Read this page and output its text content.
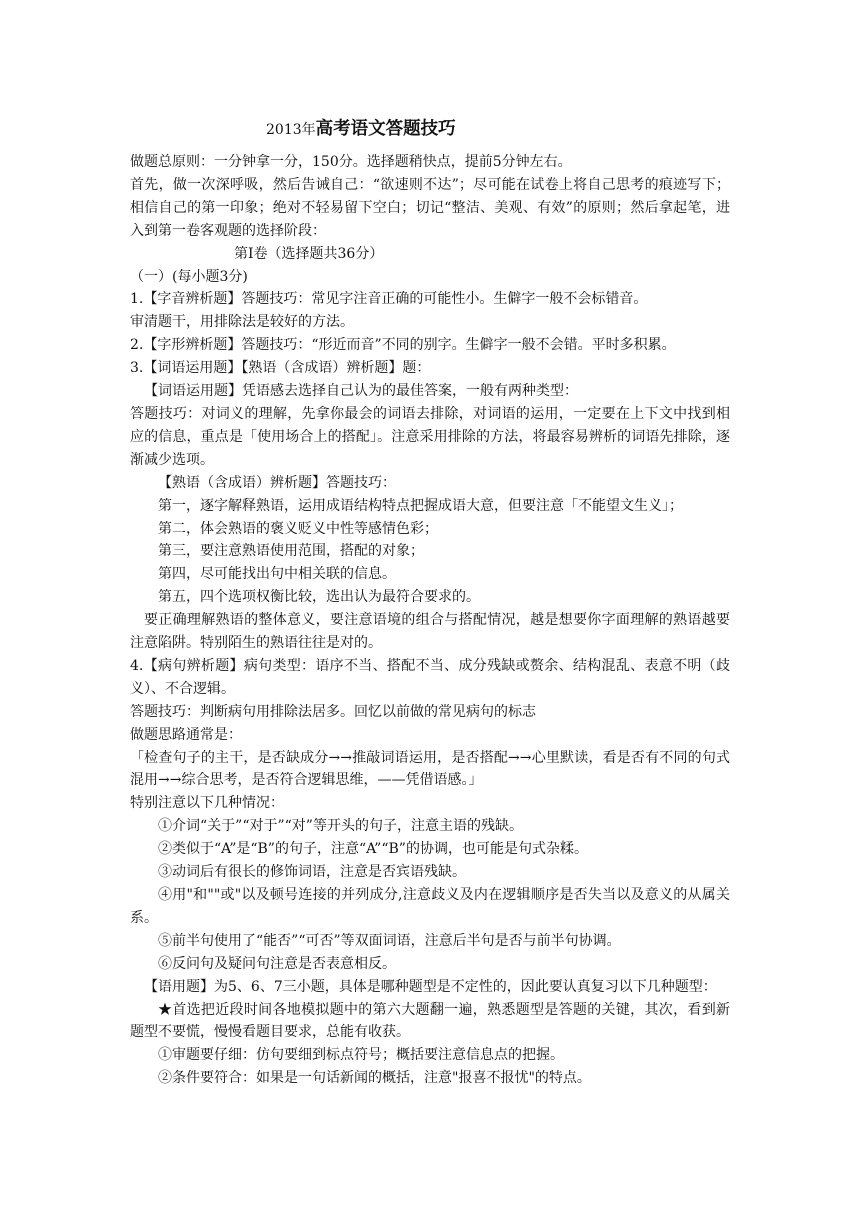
2013年高考语文答题技巧

做题总原则：一分钟拿一分，150分。选择题稍快点，提前5分钟左右。

首先，做一次深呼吸，然后告诫自己：“欲速则不达”；尽可能在试卷上将自己思考的痕迹写下；相信自己的第一印象；绝对不轻易留下空白；切记“整洁、美观、有效”的原则；然后拿起笔，进入到第一卷客观题的选择阶段：

第Ⅰ卷（选择题共36分）

（一）(每小题3分)

1.【字音辨析题】答题技巧：常见字注音正确的可能性小。生僻字一般不会标错音。

审清题干，用排除法是较好的方法。

2.【字形辨析题】答题技巧：“形近而音”不同的别字。生僻字一般不会错。平时多积累。

3.【词语运用题】【熟语（含成语）辨析题】题：

【词语运用题】凭语感去选择自己认为的最佳答案，一般有两种类型：

答题技巧：对词义的理解，先拿你最会的词语去排除，对词语的运用，一定要在上下文中找到相应的信息，重点是「使用场合上的搭配」。注意采用排除的方法，将最容易辨析的词语先排除，逐渐减少选项。

【熟语（含成语）辨析题】答题技巧：

第一，逐字解释熟语，运用成语结构特点把握成语大意，但要注意「不能望文生义」；

第二，体会熟语的褒义贬义中性等感情色彩；

第三，要注意熟语使用范围，搭配的对象；

第四，尽可能找出句中相关联的信息。

第五，四个选项权衡比较，选出认为最符合要求的。

要正确理解熟语的整体意义，要注意语境的组合与搭配情况，越是想要你字面理解的熟语越要注意陷阱。特别陌生的熟语往往是对的。

4.【病句辨析题】病句类型：语序不当、搭配不当、成分残缺或赘余、结构混乱、表意不明（歧义）、不合逻辑。

答题技巧：判断病句用排除法居多。回忆以前做的常见病句的标志

做题思路通常是：

「检查句子的主干，是否缺成分→→推敲词语运用，是否搭配→→心里默读，看是否有不同的句式混用→→综合思考，是否符合逻辑思维，——凭借语感。」

特别注意以下几种情况：

①介词“关于”“对于”“对”等开头的句子，注意主语的残缺。

②类似于“A”是“B”的句子，注意“A”“B”的协调，也可能是句式杂糅。

③动词后有很长的修饰词语，注意是否宾语残缺。

④用"和""或"以及顿号连接的并列成分,注意歧义及内在逻辑顺序是否失当以及意义的从属关系。

⑤前半句使用了“能否”“可否”等双面词语，注意后半句是否与前半句协调。

⑥反问句及疑问句注意是否表意相反。

【语用题】为5、6、7三小题，具体是哪种题型是不定性的，因此要认真复习以下几种题型：

★首选把近段时间各地模拟题中的第六大题翻一遍，熟悉题型是答题的关键，其次，看到新题型不要慌，慢慢看题目要求，总能有收获。

①审题要仔细：仿句要细到标点符号；概括要注意信息点的把握。

②条件要符合：如果是一句话新闻的概括，注意"报喜不报忧"的特点。
